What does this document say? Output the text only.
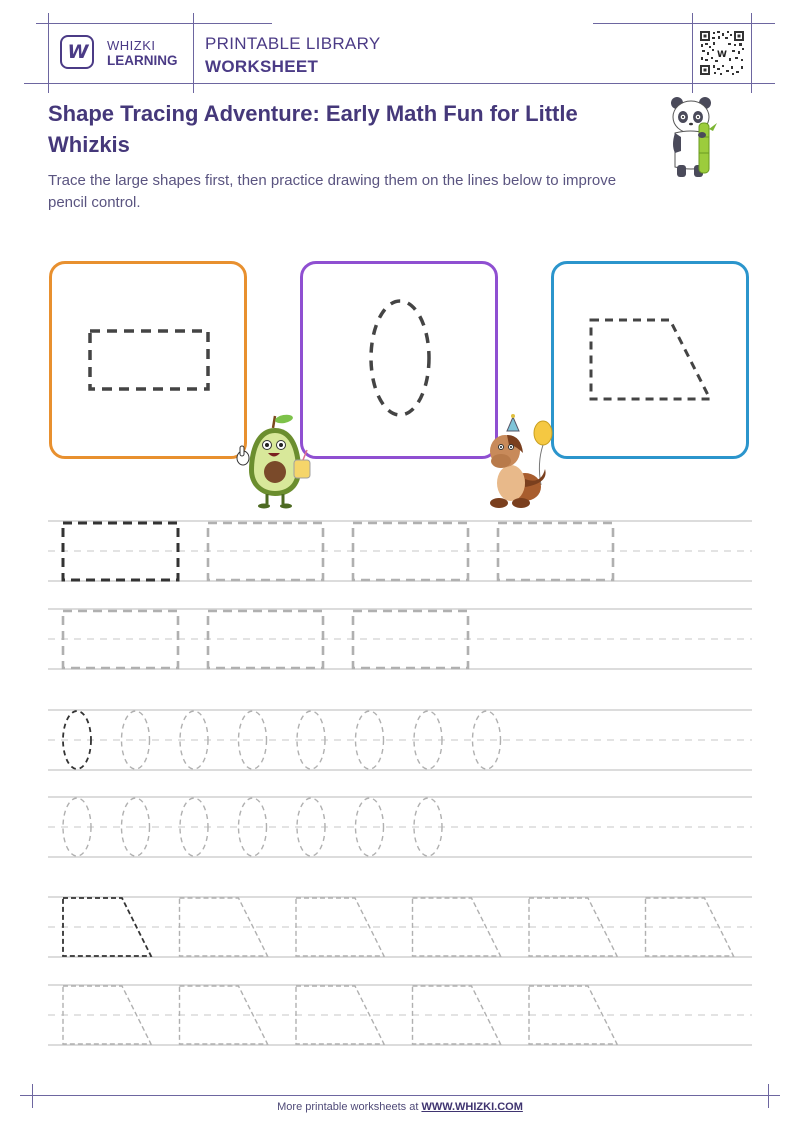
W WHIZKI
LEARNING
PRINTABLE LIBRARY
WORKSHEET
W
Shape Tracing Adventure: Early Math Fun for Little Whizkis
Trace the large shapes first, then practice drawing them on the lines below to improve pencil control.
More printable worksheets at WWW.WHIZKI.COM
